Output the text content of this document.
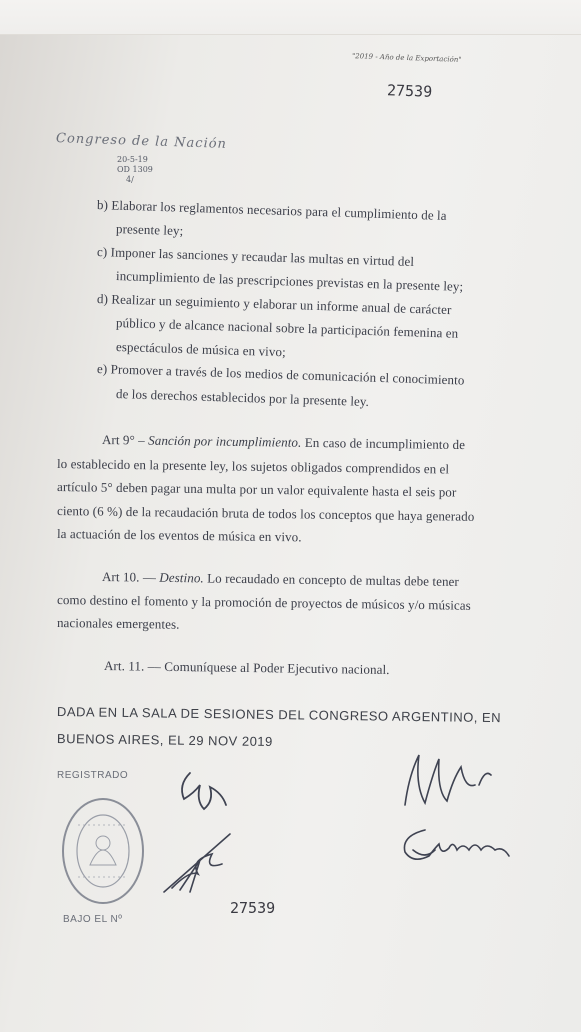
"2019 - Año de la Exportación"
27539
Congreso de la Nación
20-5-19
OD 1309
4/
b) Elaborar los reglamentos necesarios para el cumplimiento de la
presente ley;
c) Imponer las sanciones y recaudar las multas en virtud del
incumplimiento de las prescripciones previstas en la presente ley;
d) Realizar un seguimiento y elaborar un informe anual de carácter
público y de alcance nacional sobre la participación femenina en
espectáculos de música en vivo;
e) Promover a través de los medios de comunicación el conocimiento
de los derechos establecidos por la presente ley.
Art 9° – Sanción por incumplimiento. En caso de incumplimiento de
lo establecido en la presente ley, los sujetos obligados comprendidos en el
artículo 5° deben pagar una multa por un valor equivalente hasta el seis por
ciento (6 %) de la recaudación bruta de todos los conceptos que haya generado
la actuación de los eventos de música en vivo.
Art 10. — Destino. Lo recaudado en concepto de multas debe tener
como destino el fomento y la promoción de proyectos de músicos y/o músicas
nacionales emergentes.
Art. 11. –– Comuníquese al Poder Ejecutivo nacional.
DADA EN LA SALA DE SESIONES DEL CONGRESO ARGENTINO, EN
BUENOS AIRES, EL 29 NOV 2019
REGISTRADO
BAJO EL Nº
27539
